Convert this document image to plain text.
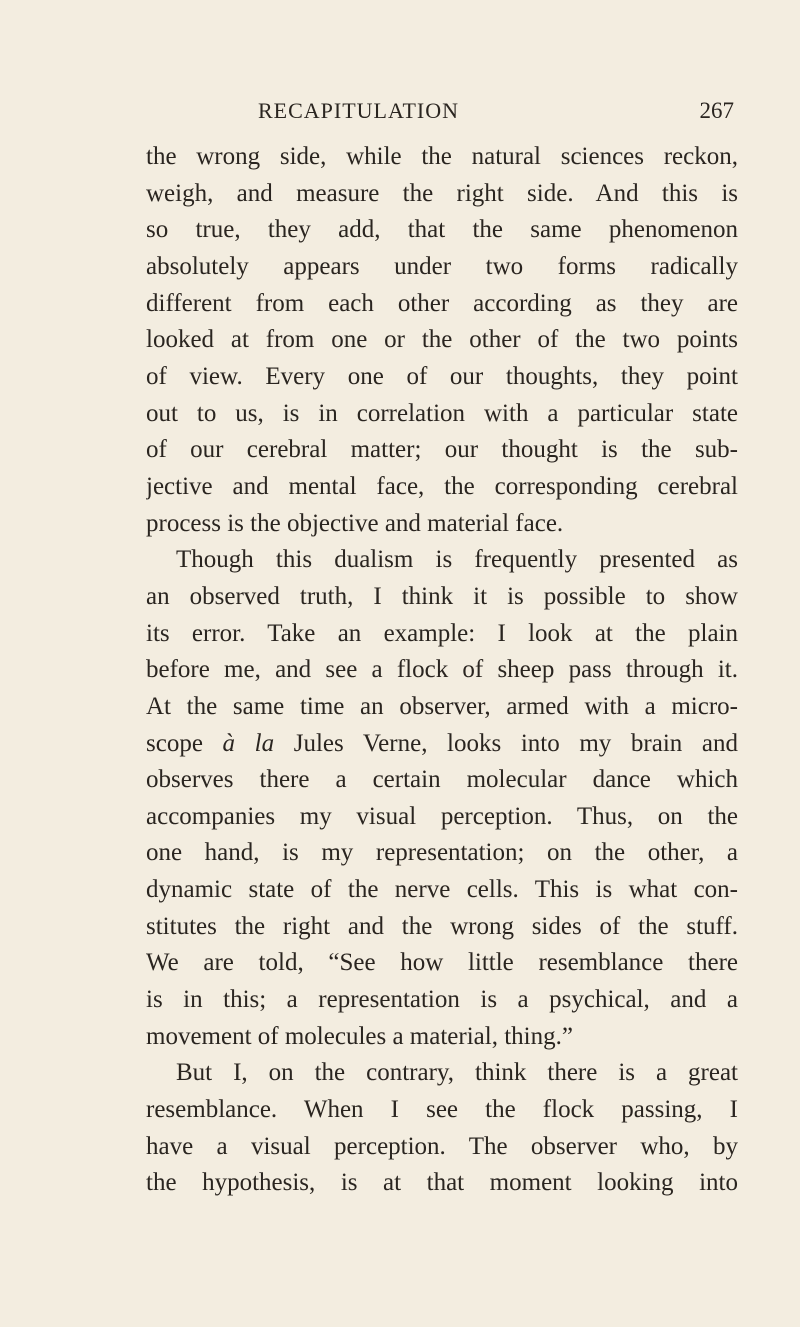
RECAPITULATION	267
the wrong side, while the natural sciences reckon,
weigh, and measure the right side. And this is
so true, they add, that the same phenomenon
absolutely appears under two forms radically
different from each other according as they are
looked at from one or the other of the two points
of view. Every one of our thoughts, they point
out to us, is in correlation with a particular state
of our cerebral matter; our thought is the sub-
jective and mental face, the corresponding cerebral
process is the objective and material face.
Though this dualism is frequently presented as
an observed truth, I think it is possible to show
its error. Take an example: I look at the plain
before me, and see a flock of sheep pass through it.
At the same time an observer, armed with a micro-
scope à la Jules Verne, looks into my brain and
observes there a certain molecular dance which
accompanies my visual perception. Thus, on the
one hand, is my representation; on the other, a
dynamic state of the nerve cells. This is what con-
stitutes the right and the wrong sides of the stuff.
We are told, “See how little resemblance there
is in this; a representation is a psychical, and a
movement of molecules a material, thing.”
But I, on the contrary, think there is a great
resemblance. When I see the flock passing, I
have a visual perception. The observer who, by
the hypothesis, is at that moment looking into
